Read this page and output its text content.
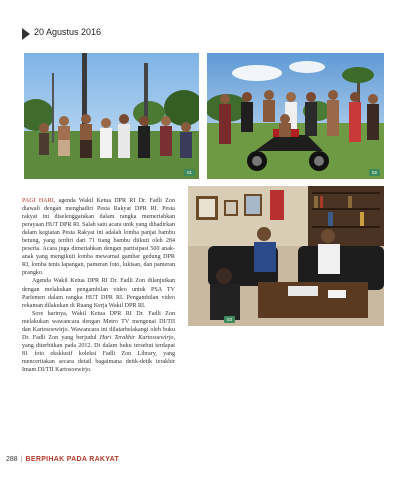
20 Agustus 2016
01	02
03

PAGI HARI, agenda Wakil Ketua DPR RI Dr. Fadli Zon diawali dengan menghadiri Pesta Rakyat DPR RI. Pesta rakyat ini diselenggarakan dalam rangka memeriahkan perayaan HUT DPR RI. Salah satu acara unik yang dihadirkan dalam kegiatan Pesta Rakyat ini adalah lomba panjat bambu betung, yang terdiri dari 71 tiang bambu diikuti oleh 284 peserta. Acara juga dimeriahkan dengan partisipasi 500 anak-anak yang mengikuti lomba mewarnai gambar gedung DPR RI, lomba tenis lapangan, pameran foto, lukisan, dan pameran prangko.

Agenda Wakil Ketua DPR RI Dr. Fadli Zon dilanjutkan dengan melakukan pengambilan video untuk PSA TV Parlemen dalam rangka HUT DPR RI. Pengambilan video rekaman dilakukan di Ruang Kerja Wakil DPR RI.

Sore harinya, Wakil Ketua DPR RI Dr. Fadli Zon melakukan wawancara dengan Metro TV mengenai DI/TII dan Kartosoewirjo. Wawancara ini dilatarbelakangi oleh buku Dr. Fadli Zon yang berjudul Hari Terakhir Kartosoewirjo, yang diterbitkan pada 2012. Di dalam buku tersebut terdapat 81 foto eksklusif koleksi Fadli Zon Library, yang menceritakan secara detail bagaimana detik-detik terakhir Imam DI/TII Kartosoewirjo.

288 | BERPIHAK PADA RAKYAT
